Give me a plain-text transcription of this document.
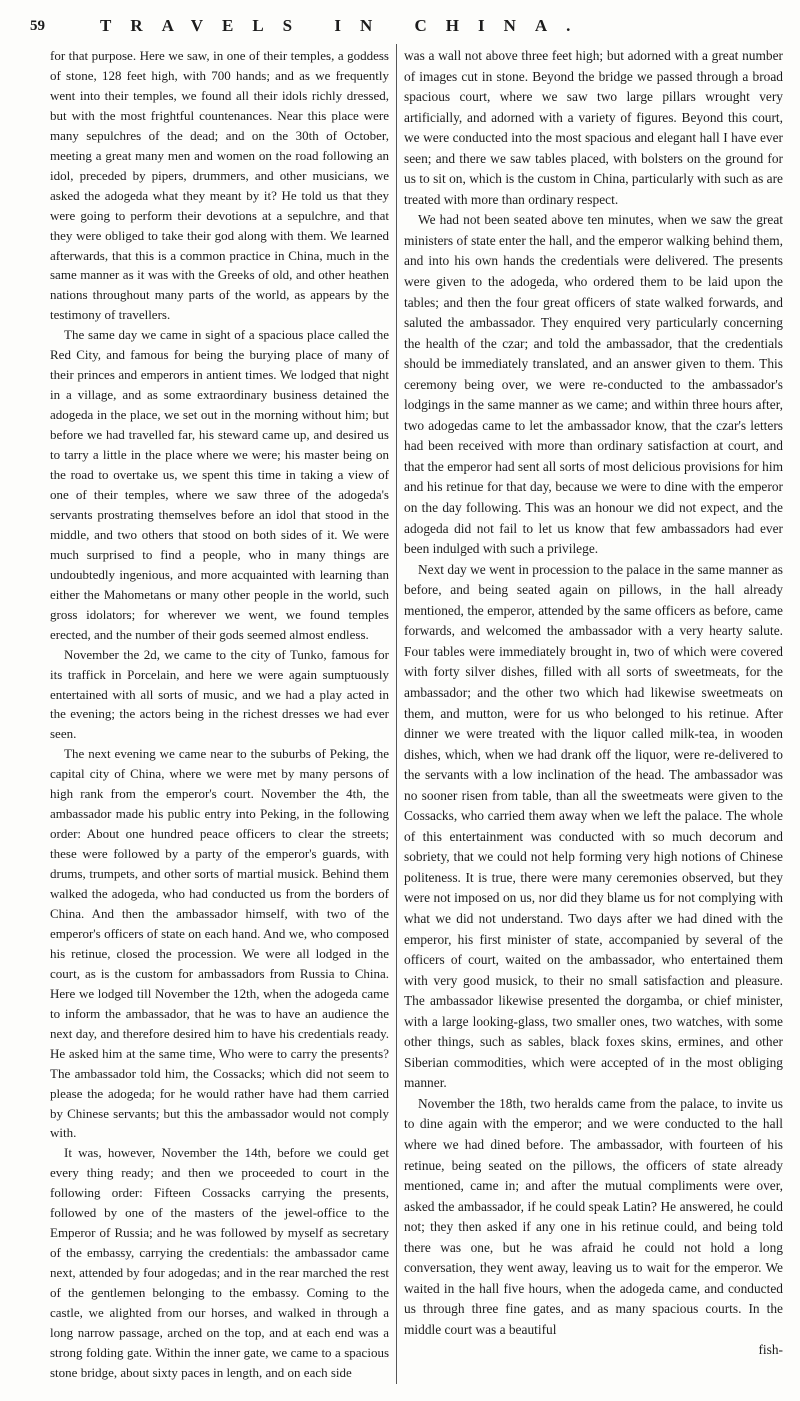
59	TRAVELS IN CHINA.

for that purpose. Here we saw, in one of their temples, a goddess of stone, 128 feet high, with 700 hands; and as we frequently went into their temples, we found all their idols richly dressed, but with the most frightful countenances. Near this place were many sepulchres of the dead; and on the 30th of October, meeting a great many men and women on the road following an idol, preceded by pipers, drummers, and other musicians, we asked the adogeda what they meant by it? He told us that they were going to perform their devotions at a sepulchre, and that they were obliged to take their god along with them. We learned afterwards, that this is a common practice in China, much in the same manner as it was with the Greeks of old, and other heathen nations throughout many parts of the world, as appears by the testimony of travellers.

The same day we came in sight of a spacious place called the Red City, and famous for being the burying place of many of their princes and emperors in antient times. We lodged that night in a village, and as some extraordinary business detained the adogeda in the place, we set out in the morning without him; but before we had travelled far, his steward came up, and desired us to tarry a little in the place where we were; his master being on the road to overtake us, we spent this time in taking a view of one of their temples, where we saw three of the adogeda's servants prostrating themselves before an idol that stood in the middle, and two others that stood on both sides of it. We were much surprised to find a people, who in many things are undoubtedly ingenious, and more acquainted with learning than either the Mahometans or many other people in the world, such gross idolators; for wherever we went, we found temples erected, and the number of their gods seemed almost endless.

November the 2d, we came to the city of Tunko, famous for its traffick in Porcelain, and here we were again sumptuously entertained with all sorts of music, and we had a play acted in the evening; the actors being in the richest dresses we had ever seen.

The next evening we came near to the suburbs of Peking, the capital city of China, where we were met by many persons of high rank from the emperor's court. November the 4th, the ambassador made his public entry into Peking, in the following order: About one hundred peace officers to clear the streets; these were followed by a party of the emperor's guards, with drums, trumpets, and other sorts of martial musick. Behind them walked the adogeda, who had conducted us from the borders of China. And then the ambassador himself, with two of the emperor's officers of state on each hand. And we, who composed his retinue, closed the procession. We were all lodged in the court, as is the custom for ambassadors from Russia to China. Here we lodged till November the 12th, when the adogeda came to inform the ambassador, that he was to have an audience the next day, and therefore desired him to have his credentials ready. He asked him at the same time, Who were to carry the presents? The ambassador told him, the Cossacks; which did not seem to please the adogeda; for he would rather have had them carried by Chinese servants; but this the ambassador would not comply with.

It was, however, November the 14th, before we could get every thing ready; and then we proceeded to court in the following order: Fifteen Cossacks carrying the presents, followed by one of the masters of the jewel-office to the Emperor of Russia; and he was followed by myself as secretary of the embassy, carrying the credentials: the ambassador came next, attended by four adogedas; and in the rear marched the rest of the gentlemen belonging to the embassy. Coming to the castle, we alighted from our horses, and walked in through a long narrow passage, arched on the top, and at each end was a strong folding gate. Within the inner gate, we came to a spacious stone bridge, about sixty paces in length, and on each side

was a wall not above three feet high; but adorned with a great number of images cut in stone. Beyond the bridge we passed through a broad spacious court, where we saw two large pillars wrought very artificially, and adorned with a variety of figures. Beyond this court, we were conducted into the most spacious and elegant hall I have ever seen; and there we saw tables placed, with bolsters on the ground for us to sit on, which is the custom in China, particularly with such as are treated with more than ordinary respect.

We had not been seated above ten minutes, when we saw the great ministers of state enter the hall, and the emperor walking behind them, and into his own hands the credentials were delivered. The presents were given to the adogeda, who ordered them to be laid upon the tables; and then the four great officers of state walked forwards, and saluted the ambassador. They enquired very particularly concerning the health of the czar; and told the ambassador, that the credentials should be immediately translated, and an answer given to them. This ceremony being over, we were re-conducted to the ambassador's lodgings in the same manner as we came; and within three hours after, two adogedas came to let the ambassador know, that the czar's letters had been received with more than ordinary satisfaction at court, and that the emperor had sent all sorts of most delicious provisions for him and his retinue for that day, because we were to dine with the emperor on the day following. This was an honour we did not expect, and the adogeda did not fail to let us know that few ambassadors had ever been indulged with such a privilege.

Next day we went in procession to the palace in the same manner as before, and being seated again on pillows, in the hall already mentioned, the emperor, attended by the same officers as before, came forwards, and welcomed the ambassador with a very hearty salute. Four tables were immediately brought in, two of which were covered with forty silver dishes, filled with all sorts of sweetmeats, for the ambassador; and the other two which had likewise sweetmeats on them, and mutton, were for us who belonged to his retinue. After dinner we were treated with the liquor called milk-tea, in wooden dishes, which, when we had drank off the liquor, were re-delivered to the servants with a low inclination of the head. The ambassador was no sooner risen from table, than all the sweetmeats were given to the Cossacks, who carried them away when we left the palace. The whole of this entertainment was conducted with so much decorum and sobriety, that we could not help forming very high notions of Chinese politeness. It is true, there were many ceremonies observed, but they were not imposed on us, nor did they blame us for not complying with what we did not understand. Two days after we had dined with the emperor, his first minister of state, accompanied by several of the officers of court, waited on the ambassador, who entertained them with very good musick, to their no small satisfaction and pleasure. The ambassador likewise presented the dorgamba, or chief minister, with a large looking-glass, two smaller ones, two watches, with some other things, such as sables, black foxes skins, ermines, and other Siberian commodities, which were accepted of in the most obliging manner.

November the 18th, two heralds came from the palace, to invite us to dine again with the emperor; and we were conducted to the hall where we had dined before. The ambassador, with fourteen of his retinue, being seated on the pillows, the officers of state already mentioned, came in; and after the mutual compliments were over, asked the ambassador, if he could speak Latin? He answered, he could not; they then asked if any one in his retinue could, and being told there was one, but he was afraid he could not hold a long conversation, they went away, leaving us to wait for the emperor. We waited in the hall five hours, when the adogeda came, and conducted us through three fine gates, and as many spacious courts. In the middle court was a beautiful

fish-
